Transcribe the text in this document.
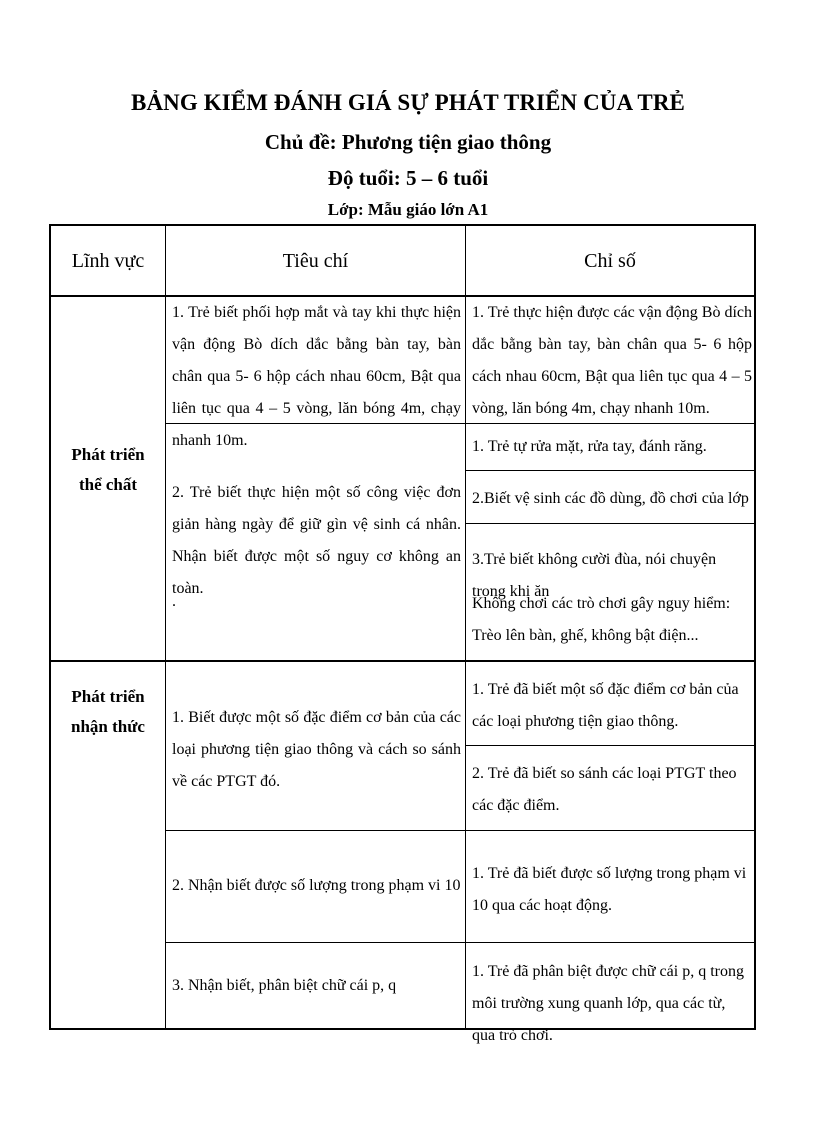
BẢNG KIỂM ĐÁNH GIÁ SỰ PHÁT TRIỂN CỦA TRẺ
Chủ đề: Phương tiện giao thông
Độ tuổi: 5 – 6 tuổi
Lớp: Mẫu giáo lớn A1
Lĩnh vực	Tiêu chí	Chỉ số
Phát triển thể chất
Phát triển nhận thức
1. Trẻ biết phối hợp mắt và tay khi thực hiện vận động Bò dích dắc bằng bàn tay, bàn chân qua 5- 6 hộp cách nhau 60cm, Bật qua liên tục qua 4 – 5 vòng, lăn bóng 4m, chạy nhanh 10m.
1. Trẻ thực hiện được các vận động Bò dích dắc bằng bàn tay, bàn chân qua 5- 6 hộp cách nhau 60cm, Bật qua liên tục qua 4 – 5 vòng, lăn bóng 4m, chạy nhanh 10m.
2. Trẻ biết thực hiện một số công việc đơn giản hàng ngày để giữ gìn vệ sinh cá nhân. Nhận biết được một số nguy cơ không an toàn.
.
1. Trẻ tự rửa mặt, rửa tay, đánh răng.
2.Biết vệ sinh các đồ dùng, đồ chơi của lớp
3.Trẻ biết không cười đùa, nói chuyện trong khi ăn
Không chơi các trò chơi gây nguy hiểm: Trèo lên bàn, ghế, không bật điện...
1. Biết được một số đặc điểm cơ bản của các loại phương tiện giao thông và cách so sánh về các PTGT đó.
1. Trẻ đã biết một số đặc điểm cơ bản của các loại phương tiện giao thông.
2. Trẻ đã biết so sánh các loại PTGT theo các đặc điểm.
2. Nhận biết được số lượng trong phạm vi 10
1. Trẻ đã biết được số lượng trong phạm vi 10 qua các hoạt động.
3. Nhận biết, phân biệt chữ cái p, q
1. Trẻ đã phân biệt được chữ cái p, q trong môi trường xung quanh lớp, qua các từ, qua trò chơi.
